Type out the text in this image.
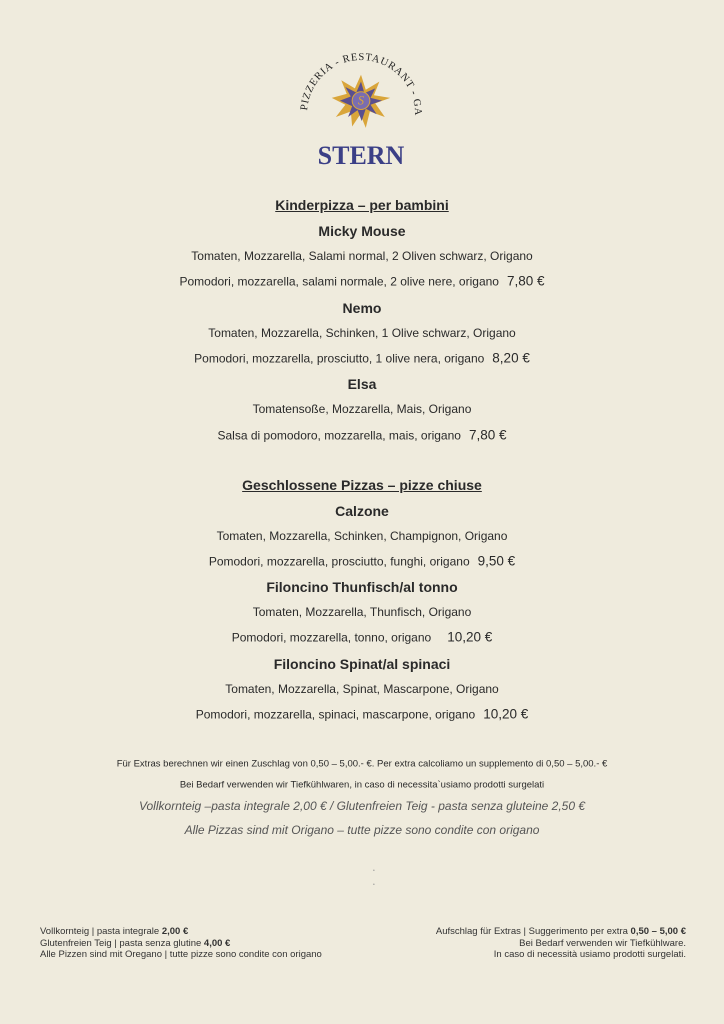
S
STERN
PIZZERIA - RESTAURANT - GA
Kinderpizza – per bambini
Micky Mouse
Tomaten, Mozzarella, Salami normal, 2 Oliven schwarz, Origano
Pomodori, mozzarella, salami normale, 2 olive nere, origano 7,80 €
Nemo
Tomaten, Mozzarella, Schinken, 1 Olive schwarz, Origano
Pomodori, mozzarella, prosciutto, 1 olive nera, origano 8,20 €
Elsa
Tomatensoße, Mozzarella, Mais, Origano
Salsa di pomodoro, mozzarella, mais, origano 7,80 €
Geschlossene Pizzas – pizze chiuse
Calzone
Tomaten, Mozzarella, Schinken, Champignon, Origano
Pomodori, mozzarella, prosciutto, funghi, origano 9,50 €
Filoncino Thunfisch/al tonno
Tomaten, Mozzarella, Thunfisch, Origano
Pomodori, mozzarella, tonno, origano 10,20 €
Filoncino Spinat/al spinaci
Tomaten, Mozzarella, Spinat, Mascarpone, Origano
Pomodori, mozzarella, spinaci, mascarpone, origano 10,20 €
Für Extras berechnen wir einen Zuschlag von 0,50 – 5,00.- €. Per extra calcoliamo un supplemento di 0,50 – 5,00.- €
Bei Bedarf verwenden wir Tiefkühlwaren, in caso di necessita`usiamo prodotti surgelati
Vollkornteig –pasta integrale 2,00 € / Glutenfreien Teig - pasta senza gluteine 2,50 €
Alle Pizzas sind mit Origano – tutte pizze sono condite con origano
•
•
Vollkornteig | pasta integrale 2,00 €
Glutenfreien Teig | pasta senza glutine 4,00 €
Alle Pizzen sind mit Oregano | tutte pizze sono condite con origano
Aufschlag für Extras | Suggerimento per extra 0,50 – 5,00 €
Bei Bedarf verwenden wir Tiefkühlware.
In caso di necessità usiamo prodotti surgelati.
